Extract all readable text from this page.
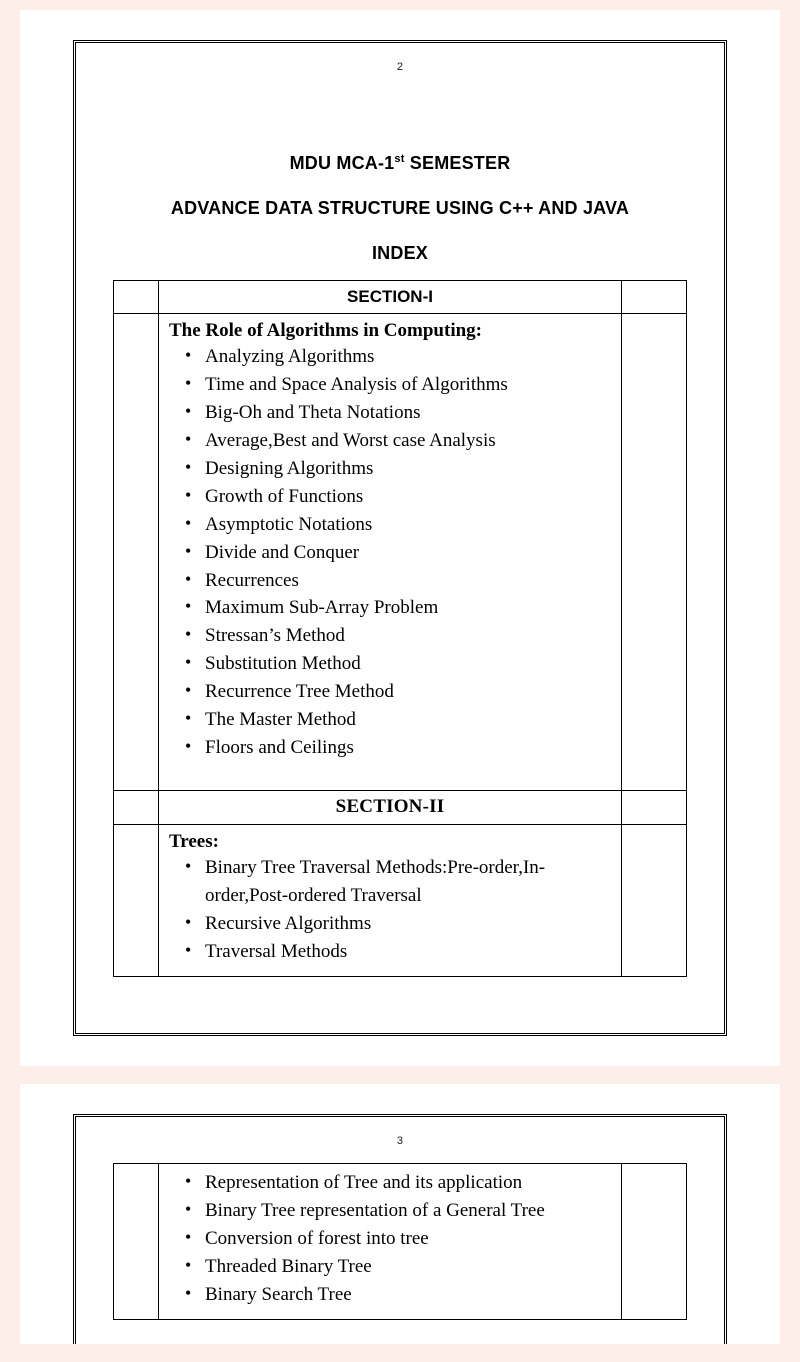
2
MDU MCA-1st SEMESTER
ADVANCE DATA STRUCTURE USING C++ AND JAVA
INDEX

	SECTION-I	

The Role of Algorithms in Computing:
• Analyzing Algorithms
• Time and Space Analysis of Algorithms
• Big-Oh and Theta Notations
• Average,Best and Worst case Analysis
• Designing Algorithms
• Growth of Functions
• Asymptotic Notations
• Divide and Conquer
• Recurrences
• Maximum Sub-Array Problem
• Stressan’s Method
• Substitution Method
• Recurrence Tree Method
• The Master Method
• Floors and Ceilings

	SECTION-II	

Trees:
• Binary Tree Traversal Methods:Pre-order,In-order,Post-ordered Traversal
• Recursive Algorithms
• Traversal Methods

3

• Representation of Tree and its application
• Binary Tree representation of a General Tree
• Conversion of forest into tree
• Threaded Binary Tree
• Binary Search Tree
